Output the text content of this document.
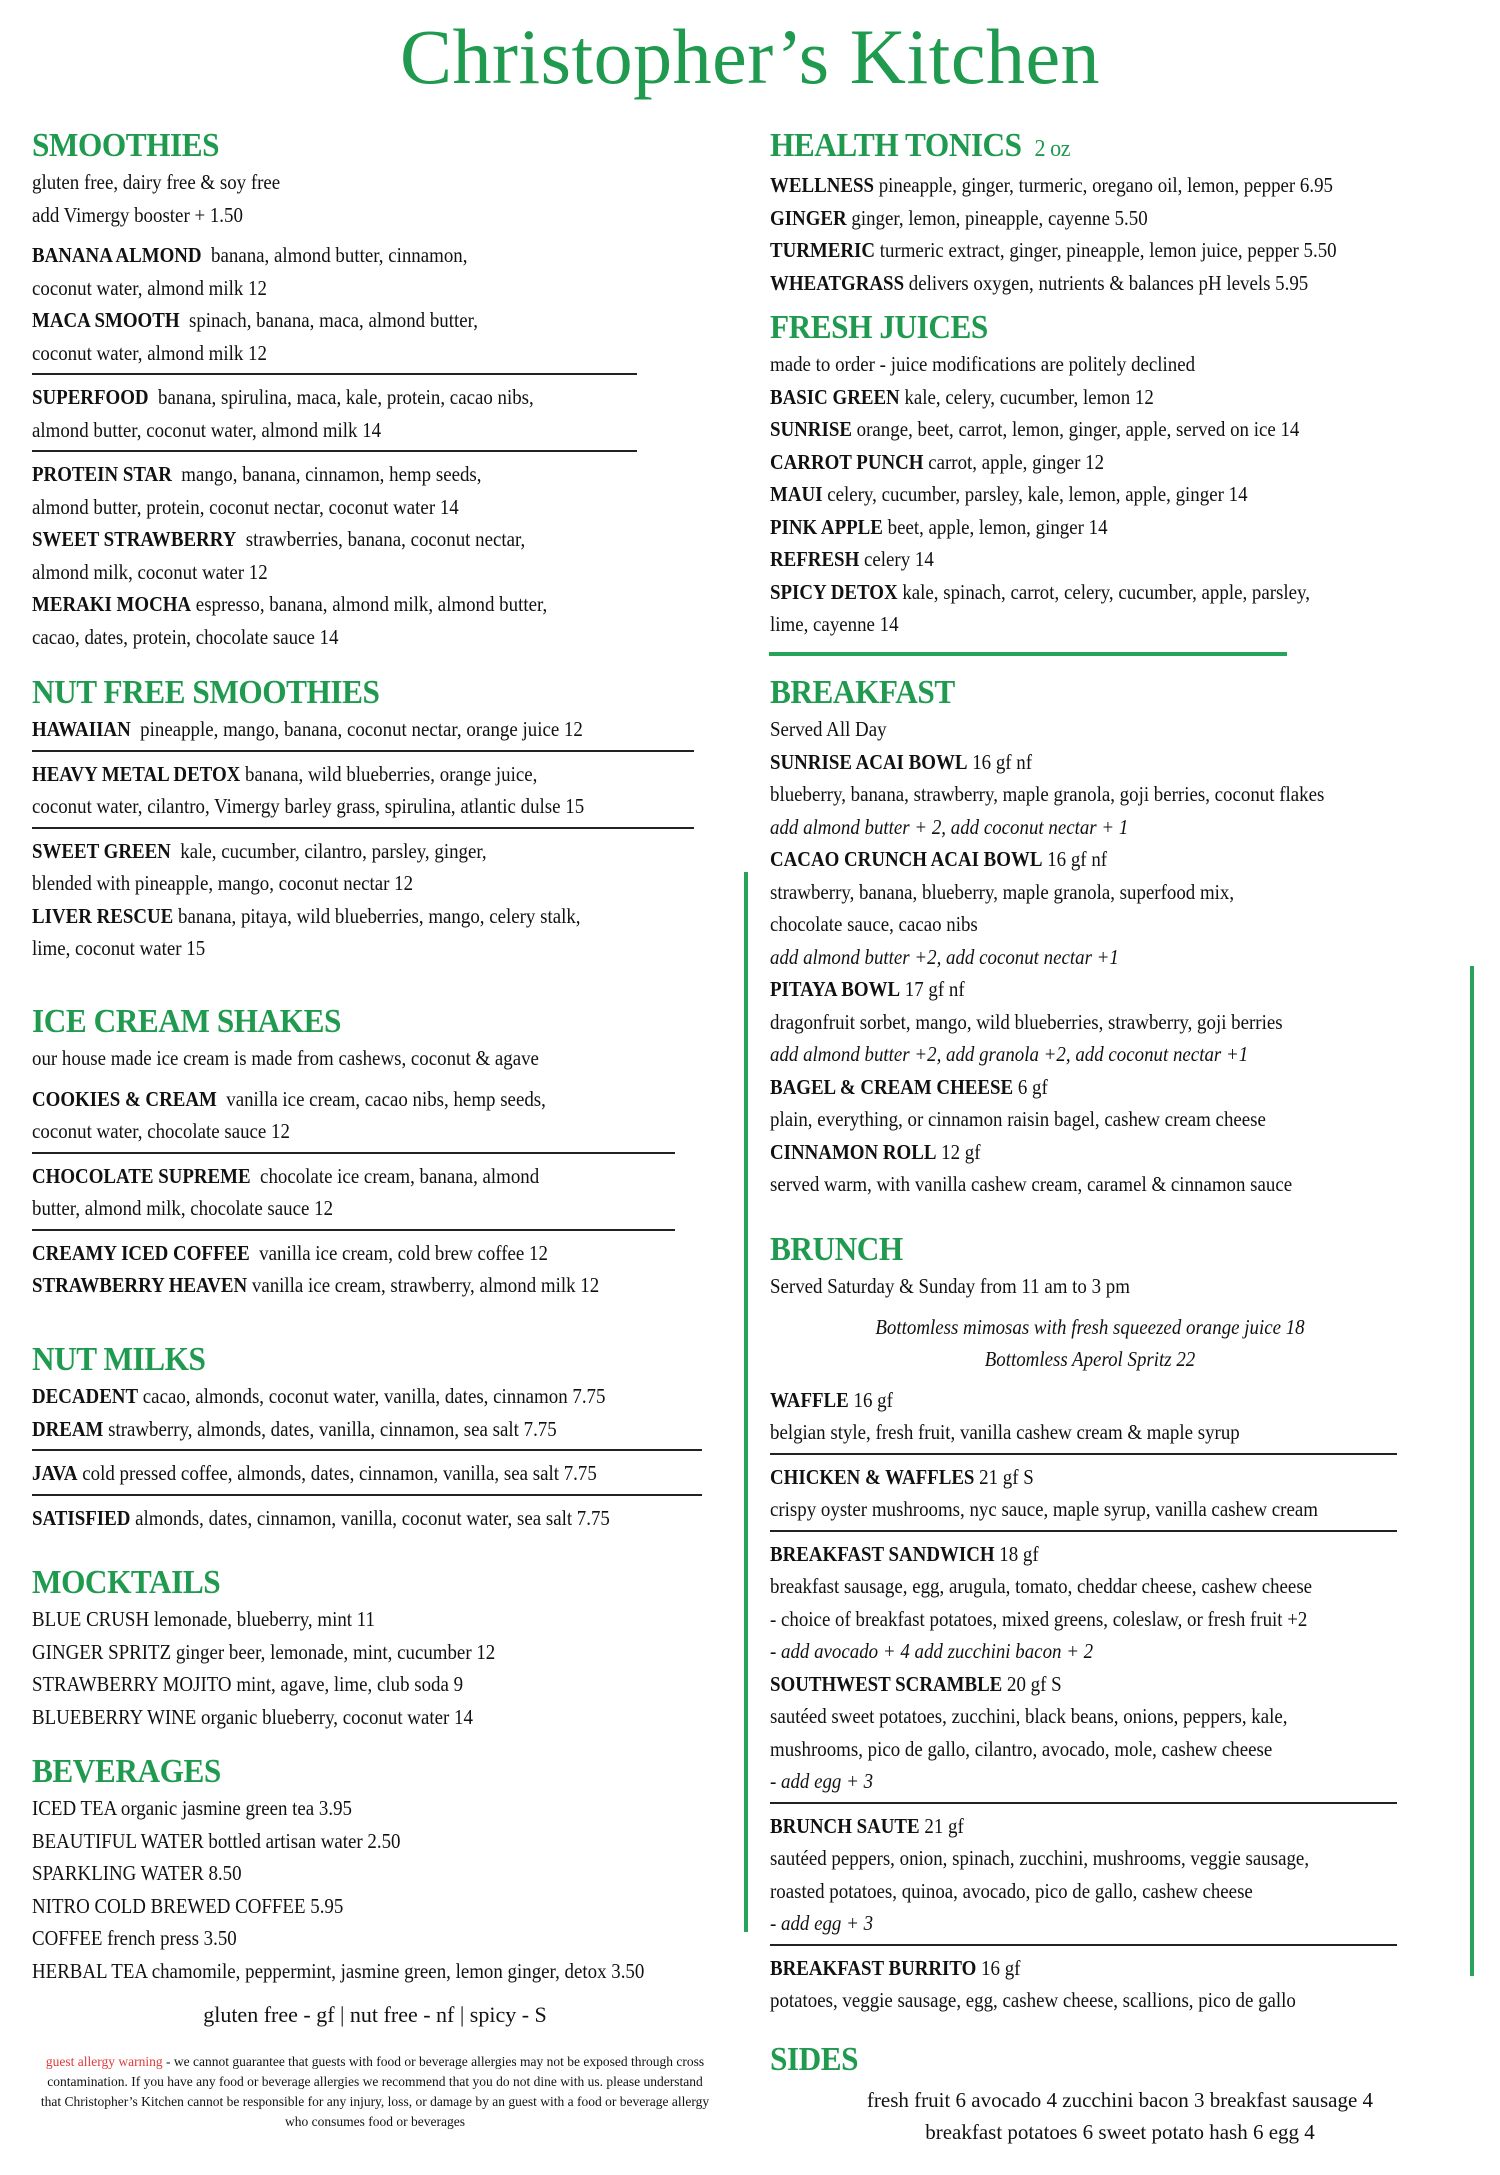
Christopher’s Kitchen
SMOOTHIES
gluten free, dairy free & soy free
add Vimergy booster + 1.50
BANANA ALMOND banana, almond butter, cinnamon,
coconut water, almond milk 12
MACA SMOOTH spinach, banana, maca, almond butter,
coconut water, almond milk 12
SUPERFOOD banana, spirulina, maca, kale, protein, cacao nibs,
almond butter, coconut water, almond milk 14
PROTEIN STAR mango, banana, cinnamon, hemp seeds,
almond butter, protein, coconut nectar, coconut water 14
SWEET STRAWBERRY strawberries, banana, coconut nectar,
almond milk, coconut water 12
MERAKI MOCHA espresso, banana, almond milk, almond butter,
cacao, dates, protein, chocolate sauce 14
NUT FREE SMOOTHIES
HAWAIIAN pineapple, mango, banana, coconut nectar, orange juice 12
HEAVY METAL DETOX banana, wild blueberries, orange juice,
coconut water, cilantro, Vimergy barley grass, spirulina, atlantic dulse 15
SWEET GREEN kale, cucumber, cilantro, parsley, ginger,
blended with pineapple, mango, coconut nectar 12
LIVER RESCUE banana, pitaya, wild blueberries, mango, celery stalk,
lime, coconut water 15
ICE CREAM SHAKES
our house made ice cream is made from cashews, coconut & agave
COOKIES & CREAM vanilla ice cream, cacao nibs, hemp seeds,
coconut water, chocolate sauce 12
CHOCOLATE SUPREME chocolate ice cream, banana, almond
butter, almond milk, chocolate sauce 12
CREAMY ICED COFFEE vanilla ice cream, cold brew coffee 12
STRAWBERRY HEAVEN vanilla ice cream, strawberry, almond milk 12
NUT MILKS
DECADENT cacao, almonds, coconut water, vanilla, dates, cinnamon 7.75
DREAM strawberry, almonds, dates, vanilla, cinnamon, sea salt 7.75
JAVA cold pressed coffee, almonds, dates, cinnamon, vanilla, sea salt 7.75
SATISFIED almonds, dates, cinnamon, vanilla, coconut water, sea salt 7.75
MOCKTAILS
BLUE CRUSH lemonade, blueberry, mint 11
GINGER SPRITZ ginger beer, lemonade, mint, cucumber 12
STRAWBERRY MOJITO mint, agave, lime, club soda 9
BLUEBERRY WINE organic blueberry, coconut water 14
BEVERAGES
ICED TEA organic jasmine green tea 3.95
BEAUTIFUL WATER bottled artisan water 2.50
SPARKLING WATER 8.50
NITRO COLD BREWED COFFEE 5.95
COFFEE french press 3.50
HERBAL TEA chamomile, peppermint, jasmine green, lemon ginger, detox 3.50
gluten free - gf | nut free - nf | spicy - S
guest allergy warning - we cannot guarantee that guests with food or beverage allergies may not be exposed through cross contamination. If you have any food or beverage allergies we recommend that you do not dine with us. please understand that Christopher’s Kitchen cannot be responsible for any injury, loss, or damage by an guest with a food or beverage allergy who consumes food or beverages
HEALTH TONICS 2 oz
WELLNESS pineapple, ginger, turmeric, oregano oil, lemon, pepper 6.95
GINGER ginger, lemon, pineapple, cayenne 5.50
TURMERIC turmeric extract, ginger, pineapple, lemon juice, pepper 5.50
WHEATGRASS delivers oxygen, nutrients & balances pH levels 5.95
FRESH JUICES
made to order - juice modifications are politely declined
BASIC GREEN kale, celery, cucumber, lemon 12
SUNRISE orange, beet, carrot, lemon, ginger, apple, served on ice 14
CARROT PUNCH carrot, apple, ginger 12
MAUI celery, cucumber, parsley, kale, lemon, apple, ginger 14
PINK APPLE beet, apple, lemon, ginger 14
REFRESH celery 14
SPICY DETOX kale, spinach, carrot, celery, cucumber, apple, parsley,
lime, cayenne 14
BREAKFAST
Served All Day
SUNRISE ACAI BOWL 16 gf nf
blueberry, banana, strawberry, maple granola, goji berries, coconut flakes
add almond butter + 2, add coconut nectar + 1
CACAO CRUNCH ACAI BOWL 16 gf nf
strawberry, banana, blueberry, maple granola, superfood mix,
chocolate sauce, cacao nibs
add almond butter +2, add coconut nectar +1
PITAYA BOWL 17 gf nf
dragonfruit sorbet, mango, wild blueberries, strawberry, goji berries
add almond butter +2, add granola +2, add coconut nectar +1
BAGEL & CREAM CHEESE 6 gf
plain, everything, or cinnamon raisin bagel, cashew cream cheese
CINNAMON ROLL 12 gf
served warm, with vanilla cashew cream, caramel & cinnamon sauce
BRUNCH
Served Saturday & Sunday from 11 am to 3 pm
Bottomless mimosas with fresh squeezed orange juice 18
Bottomless Aperol Spritz 22
WAFFLE 16 gf
belgian style, fresh fruit, vanilla cashew cream & maple syrup
CHICKEN & WAFFLES 21 gf S
crispy oyster mushrooms, nyc sauce, maple syrup, vanilla cashew cream
BREAKFAST SANDWICH 18 gf
breakfast sausage, egg, arugula, tomato, cheddar cheese, cashew cheese
- choice of breakfast potatoes, mixed greens, coleslaw, or fresh fruit +2
- add avocado + 4 add zucchini bacon + 2
SOUTHWEST SCRAMBLE 20 gf S
sautéed sweet potatoes, zucchini, black beans, onions, peppers, kale,
mushrooms, pico de gallo, cilantro, avocado, mole, cashew cheese
- add egg + 3
BRUNCH SAUTE 21 gf
sautéed peppers, onion, spinach, zucchini, mushrooms, veggie sausage,
roasted potatoes, quinoa, avocado, pico de gallo, cashew cheese
- add egg + 3
BREAKFAST BURRITO 16 gf
potatoes, veggie sausage, egg, cashew cheese, scallions, pico de gallo
SIDES
fresh fruit 6 avocado 4 zucchini bacon 3 breakfast sausage 4
breakfast potatoes 6 sweet potato hash 6 egg 4
